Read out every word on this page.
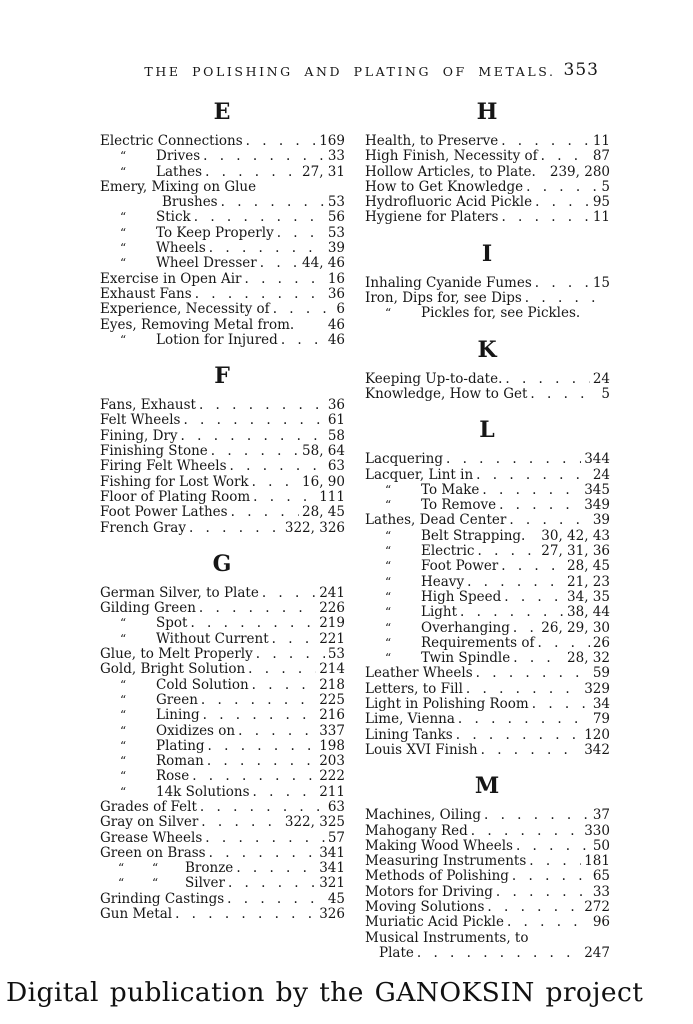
THE POLISHING AND PLATING OF METALS. 353
E
Electric Connections . . .	169
“	Drives . . .	33
“	Lathes . . .	27, 31
Emery, Mixing on Glue
Brushes . . .	53
“	Stick . . .	56
“	To Keep Properly . . .	53
“	Wheels . . .	39
“	Wheel Dresser . . .	44, 46
Exercise in Open Air . . .	16
Exhaust Fans . . .	36
Experience, Necessity of . . .	6
Eyes, Removing Metal from. 46
“	Lotion for Injured . . .	46
F
Fans, Exhaust . . .	36
Felt Wheels . . .	61
Fining, Dry . . .	58
Finishing Stone . . .	58, 64
Firing Felt Wheels . . .	63
Fishing for Lost Work . . .	16, 90
Floor of Plating Room . . .	111
Foot Power Lathes . . .	28, 45
French Gray . . .	322, 326
G
German Silver, to Plate . . .	241
Gilding Green . . .	226
“	Spot . . .	219
“	Without Current . . .	221
Glue, to Melt Properly . . .	53
Gold, Bright Solution . . .	214
“	Cold Solution . . .	218
“	Green . . .	225
“	Lining . . .	216
“	Oxidizes on . . .	337
“	Plating . . .	198
“	Roman . . .	203
“	Rose . . .	222
“	14k Solutions . . .	211
Grades of Felt . . .	63
Gray on Silver . . .	322, 325
Grease Wheels . . .	57
Green on Brass . . .	341
“	“	Bronze . . .	341
“	“	Silver . . .	321
Grinding Castings . . .	45
Gun Metal . . .	326
H
Health, to Preserve . . .	11
High Finish, Necessity of . . .	87
Hollow Articles, to Plate. 239, 280
How to Get Knowledge . . .	5
Hydrofluoric Acid Pickle . . .	95
Hygiene for Platers . . .	11
I
Inhaling Cyanide Fumes . . .	15
Iron, Dips for, see Dips
. . .
“	Pickles for, see Pickles.
K
Keeping Up-to-date. . . .	24
Knowledge, How to Get . . .	5
L
Lacquering . . .	344
Lacquer, Lint in . . .	24
“	To Make . . .	345
“	To Remove . . .	349
Lathes, Dead Center . . .	39
“	Belt Strapping. 30, 42, 43
“	Electric . . .	27, 31, 36
“	Foot Power . . .	28, 45
“	Heavy . . .	21, 23
“	High Speed . . .	34, 35
“	Light . . .	38, 44
“	Overhanging . . . 26, 29, 30
“	Requirements of . . .	26
“	Twin Spindle . . .	28, 32
Leather Wheels . . .	59
Letters, to Fill . . .	329
Light in Polishing Room . . .	34
Lime, Vienna . . .	79
Lining Tanks . . .	120
Louis XVI Finish . . .	342
M
Machines, Oiling . . .	37
Mahogany Red . . .	330
Making Wood Wheels . . .	50
Measuring Instruments . . .	181
Methods of Polishing . . .	65
Motors for Driving . . .	33
Moving Solutions . . .	272
Muriatic Acid Pickle . . .	96
Musical Instruments, to
Plate . . .	247
Digital publication by the GANOKSIN project
